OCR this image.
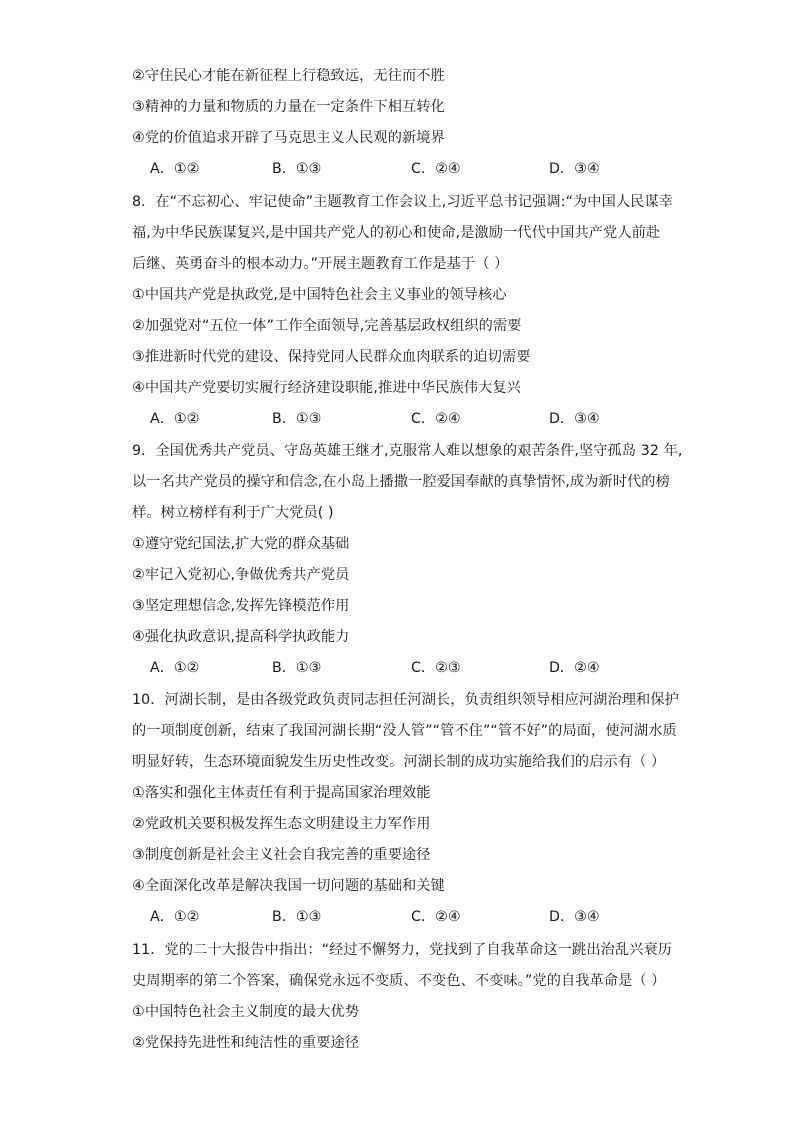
②守住民心才能在新征程上行稳致远，无往而不胜
③精神的力量和物质的力量在一定条件下相互转化
④党的价值追求开辟了马克思主义人民观的新境界
A．①②	B．①③	C．②④	D．③④
8．在“不忘初心、牢记使命”主题教育工作会议上,习近平总书记强调:“为中国人民谋幸
福,为中华民族谋复兴,是中国共产党人的初心和使命,是激励一代代中国共产党人前赴
后继、英勇奋斗的根本动力。”开展主题教育工作是基于（ ）
①中国共产党是执政党,是中国特色社会主义事业的领导核心
②加强党对“五位一体”工作全面领导,完善基层政权组织的需要
③推进新时代党的建设、保持党同人民群众血肉联系的迫切需要
④中国共产党要切实履行经济建设职能,推进中华民族伟大复兴
A．①②	B．①③	C．②④	D．③④
9．全国优秀共产党员、守岛英雄王继才,克服常人难以想象的艰苦条件,坚守孤岛 32 年,
以一名共产党员的操守和信念,在小岛上播撒一腔爱国奉献的真挚情怀,成为新时代的榜
样。树立榜样有利于广大党员( )
①遵守党纪国法,扩大党的群众基础
②牢记入党初心,争做优秀共产党员
③坚定理想信念,发挥先锋模范作用
④强化执政意识,提高科学执政能力
A．①②	B．①③	C．②③	D．②④
10．河湖长制，是由各级党政负责同志担任河湖长，负责组织领导相应河湖治理和保护
的一项制度创新，结束了我国河湖长期“没人管”“管不住”“管不好”的局面，使河湖水质
明显好转，生态环境面貌发生历史性改变。河湖长制的成功实施给我们的启示有（ ）
①落实和强化主体责任有利于提高国家治理效能
②党政机关要积极发挥生态文明建设主力军作用
③制度创新是社会主义社会自我完善的重要途径
④全面深化改革是解决我国一切问题的基础和关键
A．①②	B．①③	C．②④	D．③④
11．党的二十大报告中指出：“经过不懈努力，党找到了自我革命这一跳出治乱兴衰历
史周期率的第二个答案，确保党永远不变质、不变色、不变味。”党的自我革命是（ ）
①中国特色社会主义制度的最大优势
②党保持先进性和纯洁性的重要途径
